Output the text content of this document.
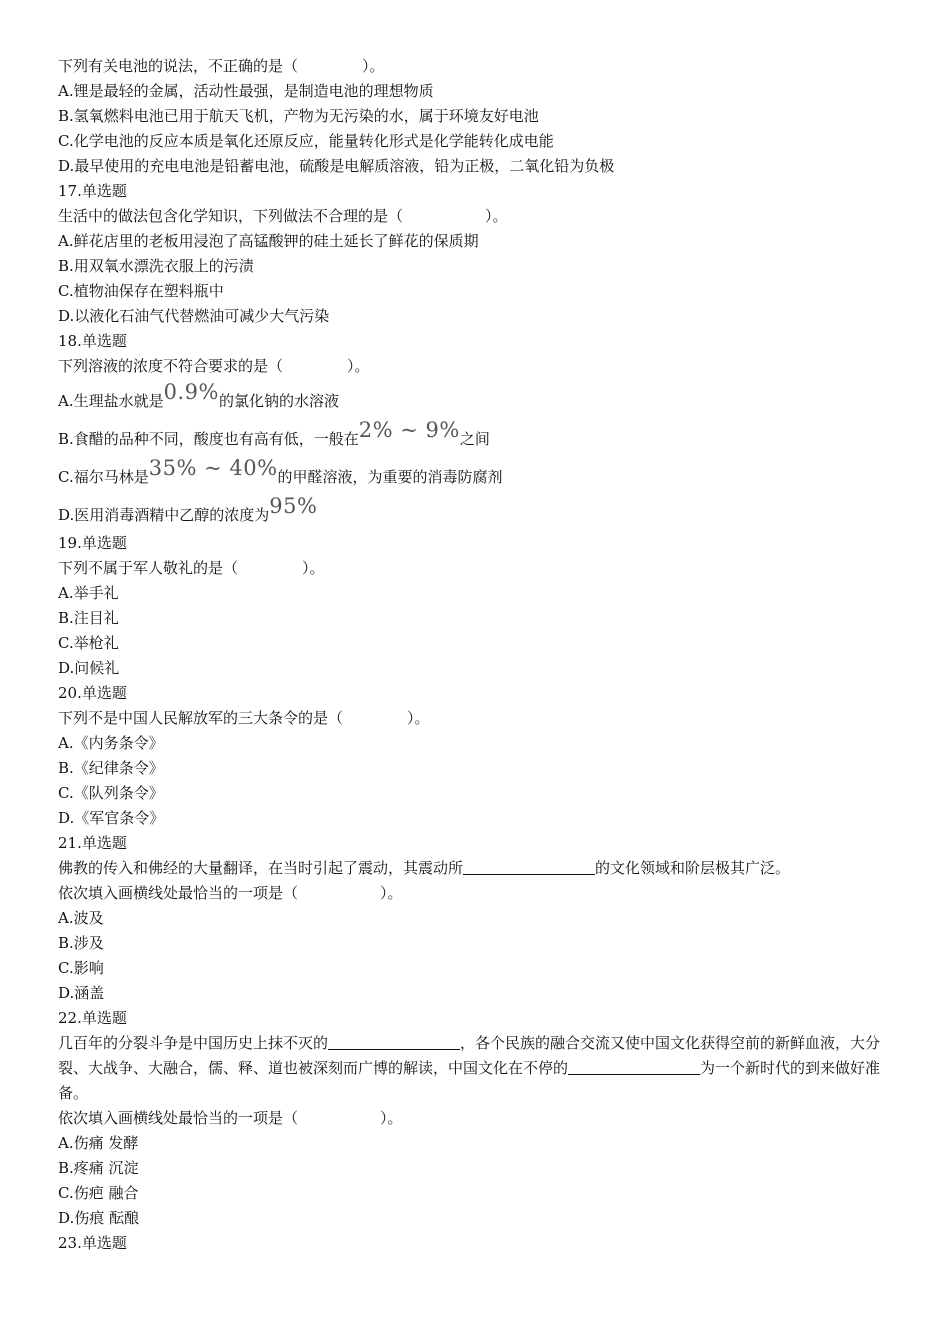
下列有关电池的说法，不正确的是（	）。
A.锂是最轻的金属，活动性最强，是制造电池的理想物质
B.氢氧燃料电池已用于航天飞机，产物为无污染的水，属于环境友好电池
C.化学电池的反应本质是氧化还原反应，能量转化形式是化学能转化成电能
D.最早使用的充电电池是铅蓄电池，硫酸是电解质溶液，铅为正极，二氧化铅为负极
17.单选题
生活中的做法包含化学知识，下列做法不合理的是（	）。
A.鲜花店里的老板用浸泡了高锰酸钾的硅土延长了鲜花的保质期
B.用双氧水漂洗衣服上的污渍
C.植物油保存在塑料瓶中
D.以液化石油气代替燃油可减少大气污染
18.单选题
下列溶液的浓度不符合要求的是（	）。
A.生理盐水就是0.9%的氯化钠的水溶液
B.食醋的品种不同，酸度也有高有低，一般在2% ~ 9%之间
C.福尔马林是35% ~ 40%的甲醛溶液，为重要的消毒防腐剂
D.医用消毒酒精中乙醇的浓度为95%
19.单选题
下列不属于军人敬礼的是（	）。
A.举手礼
B.注目礼
C.举枪礼
D.问候礼
20.单选题
下列不是中国人民解放军的三大条令的是（	）。
A.《内务条令》
B.《纪律条令》
C.《队列条令》
D.《军官条令》
21.单选题
佛教的传入和佛经的大量翻译，在当时引起了震动，其震动所	的文化领域和阶层极其广泛。
依次填入画横线处最恰当的一项是（	）。
A.波及
B.涉及
C.影响
D.涵盖
22.单选题
几百年的分裂斗争是中国历史上抹不灭的	，各个民族的融合交流又使中国文化获得空前的新鲜血液，大分裂、大战争、大融合，儒、释、道也被深刻而广博的解读，中国文化在不停的	为一个新时代的到来做好准备。
依次填入画横线处最恰当的一项是（	）。
A.伤痛 发酵
B.疼痛 沉淀
C.伤疤 融合
D.伤痕 酝酿
23.单选题
